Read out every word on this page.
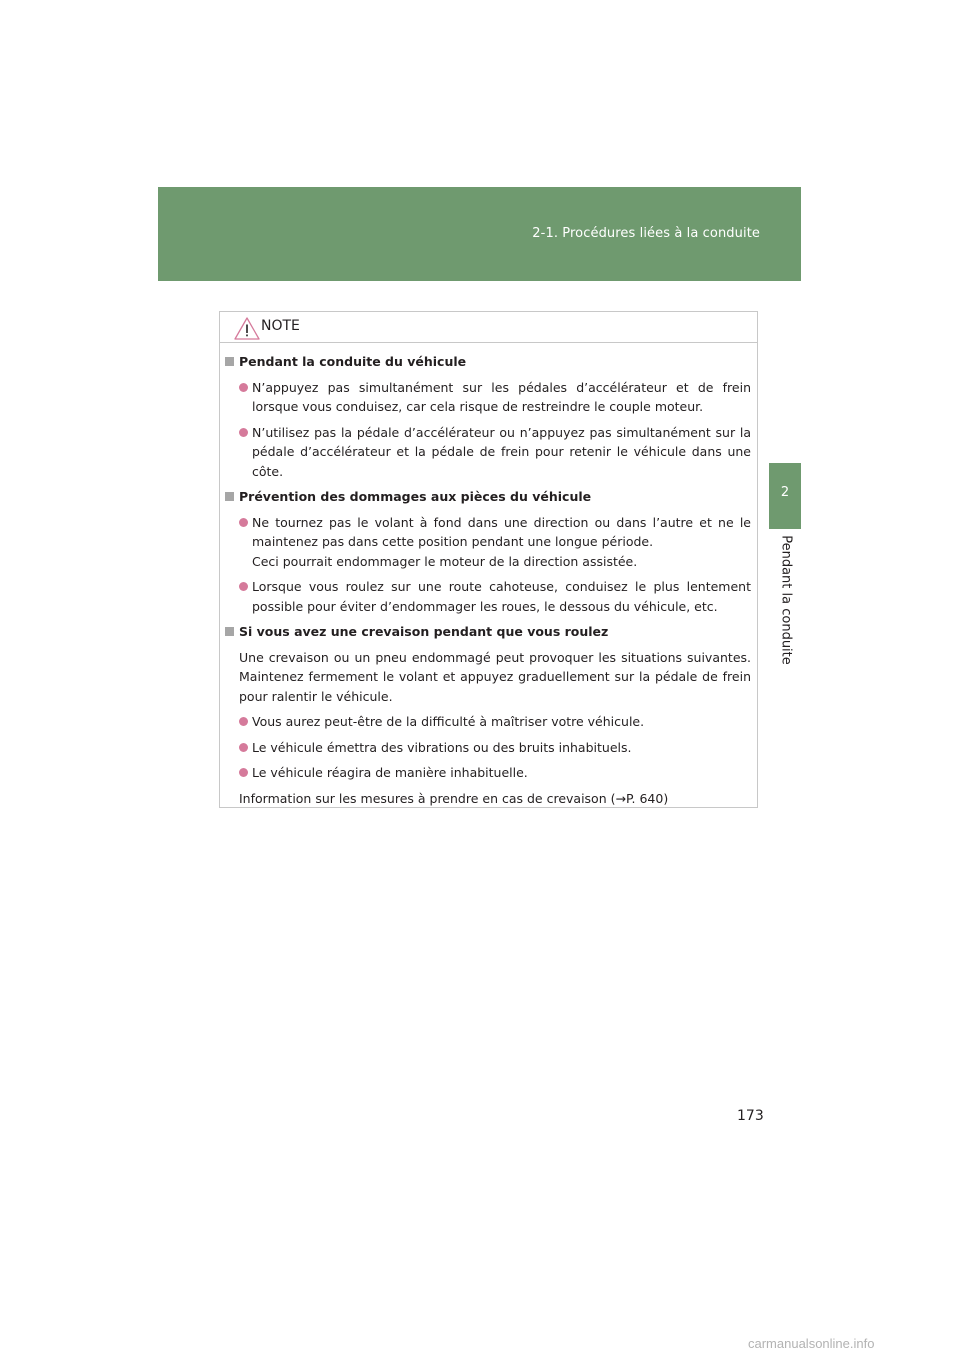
2-1. Procédures liées à la conduite
2
Pendant la conduite
NOTE
Pendant la conduite du véhicule
N’appuyez pas simultanément sur les pédales d’accélérateur et de frein lorsque vous conduisez, car cela risque de restreindre le couple moteur.
N’utilisez pas la pédale d’accélérateur ou n’appuyez pas simultanément sur la pédale d’accélérateur et la pédale de frein pour retenir le véhicule dans une côte.
Prévention des dommages aux pièces du véhicule
Ne tournez pas le volant à fond dans une direction ou dans l’autre et ne le maintenez pas dans cette position pendant une longue période.
Ceci pourrait endommager le moteur de la direction assistée.
Lorsque vous roulez sur une route cahoteuse, conduisez le plus lentement possible pour éviter d’endommager les roues, le dessous du véhicule, etc.
Si vous avez une crevaison pendant que vous roulez
Une crevaison ou un pneu endommagé peut provoquer les situations suivantes. Maintenez fermement le volant et appuyez graduellement sur la pédale de frein pour ralentir le véhicule.
Vous aurez peut-être de la difficulté à maîtriser votre véhicule.
Le véhicule émettra des vibrations ou des bruits inhabituels.
Le véhicule réagira de manière inhabituelle.
Information sur les mesures à prendre en cas de crevaison (→P. 640)
173
carmanualsonline.info
